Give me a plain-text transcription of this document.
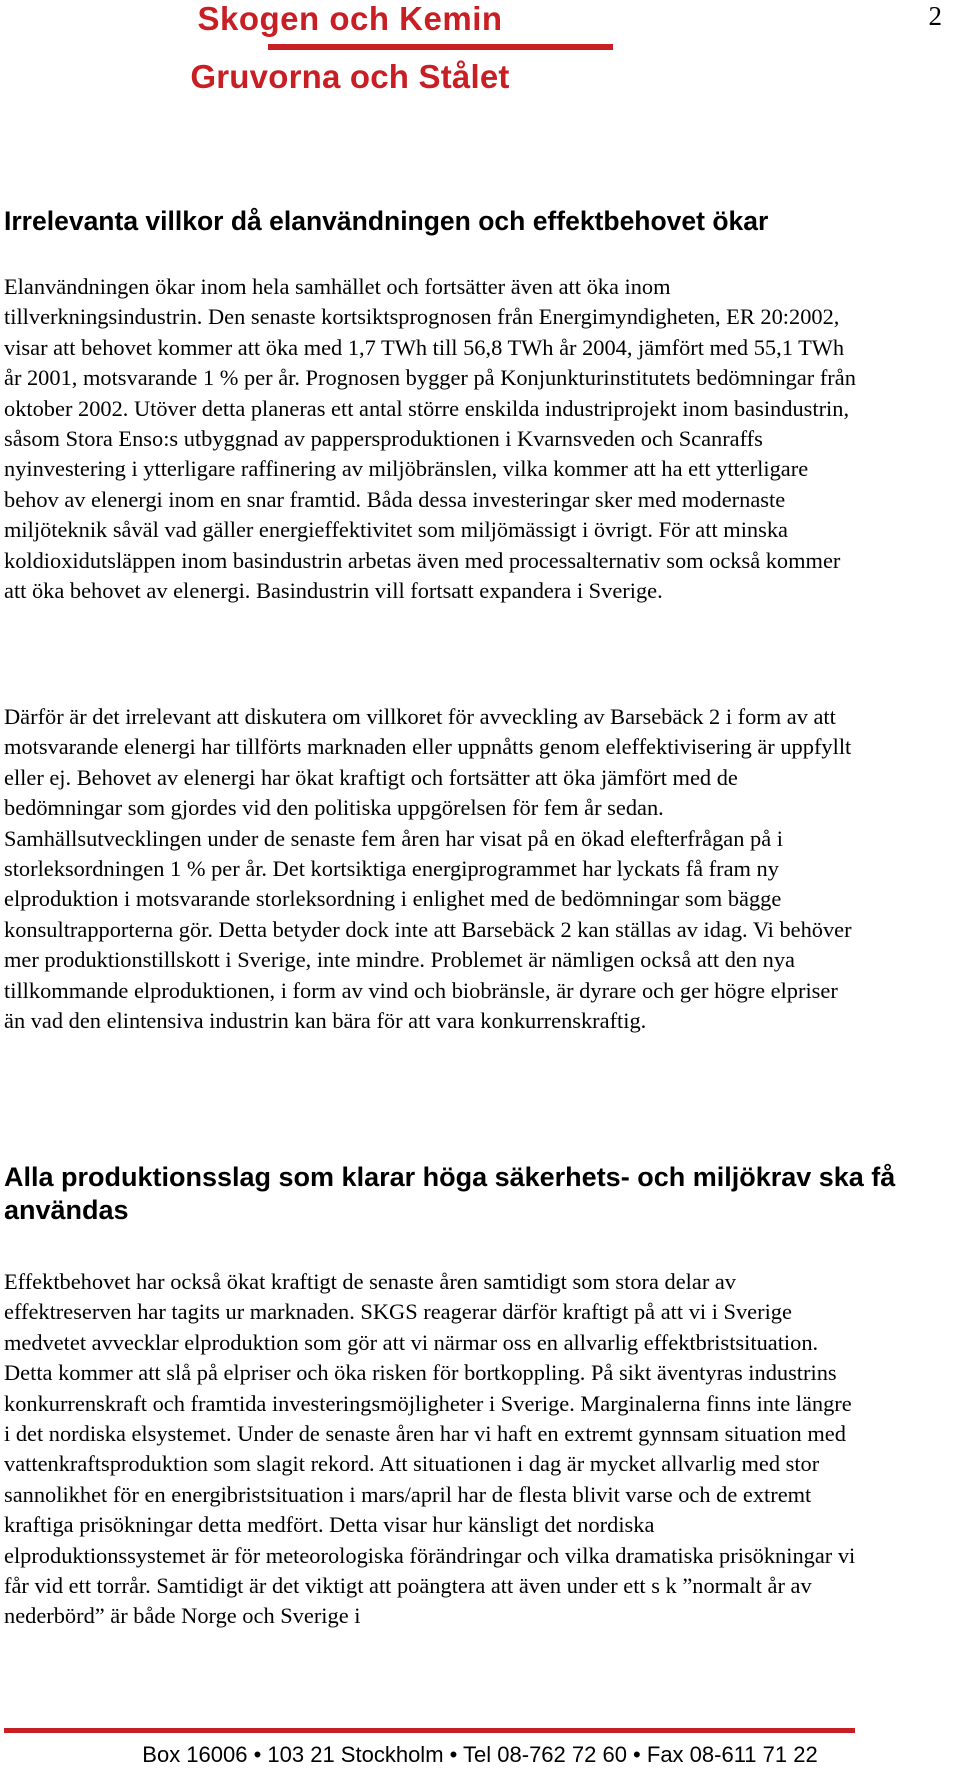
Skogen och Kemin
Gruvorna och Stålet
2
Irrelevanta villkor då elanvändningen och effektbehovet ökar

Elanvändningen ökar inom hela samhället och fortsätter även att öka inom tillverkningsindustrin. Den senaste kortsiktsprognosen från Energimyndigheten, ER 20:2002, visar att behovet kommer att öka med 1,7 TWh till 56,8 TWh år 2004, jämfört med 55,1 TWh år 2001, motsvarande 1 % per år. Prognosen bygger på Konjunkturinstitutets bedömningar från oktober 2002. Utöver detta planeras ett antal större enskilda industriprojekt inom basindustrin, såsom Stora Enso:s utbyggnad av pappersproduktionen i Kvarnsveden och Scanraffs nyinvestering i ytterligare raffinering av miljöbränslen, vilka kommer att ha ett ytterligare behov av elenergi inom en snar framtid. Båda dessa investeringar sker med modernaste miljöteknik såväl vad gäller energieffektivitet som miljömässigt i övrigt. För att minska koldioxidutsläppen inom basindustrin arbetas även med processalternativ som också kommer att öka behovet av elenergi. Basindustrin vill fortsatt expandera i Sverige.

Därför är det irrelevant att diskutera om villkoret för avveckling av Barsebäck 2 i form av att motsvarande elenergi har tillförts marknaden eller uppnåtts genom eleffektivisering är uppfyllt eller ej. Behovet av elenergi har ökat kraftigt och fortsätter att öka jämfört med de bedömningar som gjordes vid den politiska uppgörelsen för fem år sedan. Samhällsutvecklingen under de senaste fem åren har visat på en ökad elefterfrågan på i storleksordningen 1 % per år. Det kortsiktiga energiprogrammet har lyckats få fram ny elproduktion i motsvarande storleksordning i enlighet med de bedömningar som bägge konsultrapporterna gör. Detta betyder dock inte att Barsebäck 2 kan ställas av idag. Vi behöver mer produktionstillskott i Sverige, inte mindre. Problemet är nämligen också att den nya tillkommande elproduktionen, i form av vind och biobränsle, är dyrare och ger högre elpriser än vad den elintensiva industrin kan bära för att vara konkurrenskraftig.

Alla produktionsslag som klarar höga säkerhets- och miljökrav ska få användas

Effektbehovet har också ökat kraftigt de senaste åren samtidigt som stora delar av effektreserven har tagits ur marknaden. SKGS reagerar därför kraftigt på att vi i Sverige medvetet avvecklar elproduktion som gör att vi närmar oss en allvarlig effektbristsituation. Detta kommer att slå på elpriser och öka risken för bortkoppling. På sikt äventyras industrins konkurrenskraft och framtida investeringsmöjligheter i Sverige. Marginalerna finns inte längre i det nordiska elsystemet. Under de senaste åren har vi haft en extremt gynnsam situation med vattenkraftsproduktion som slagit rekord. Att situationen i dag är mycket allvarlig med stor sannolikhet för en energibristsituation i mars/april har de flesta blivit varse och de extremt kraftiga prisökningar detta medfört. Detta visar hur känsligt det nordiska elproduktionssystemet är för meteorologiska förändringar och vilka dramatiska prisökningar vi får vid ett torrår. Samtidigt är det viktigt att poängtera att även under ett s k ”normalt år av nederbörd” är både Norge och Sverige i

Box 16006 • 103 21 Stockholm • Tel 08-762 72 60 • Fax 08-611 71 22
